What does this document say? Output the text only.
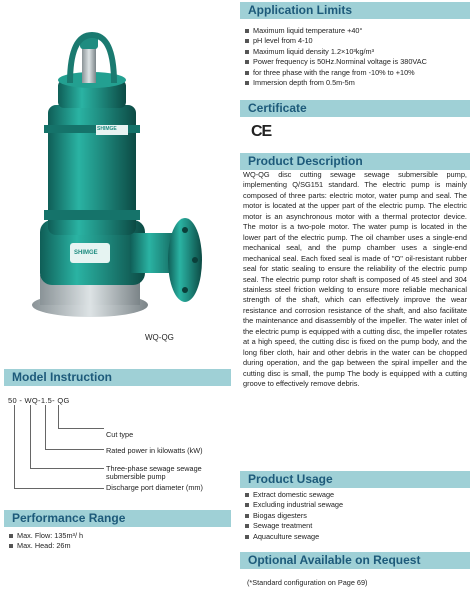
Application Limits
Maximum liquid temperature +40°
pH level from 4-10
Maximum liquid density 1.2×10³kg/m³
Power frequency is 50Hz.Norminal voltage is 380VAC
for three phase with the range from -10% to +10%
Immersion depth from 0.5m-5m
Certificate
CE
Product Description

WQ-QG disc cutting sewage sewage submersible pump, implementing Q/SG151 standard. The electric pump is mainly composed of three parts: electric motor, water pump and seal. The motor is located at the upper part of the electric pump. The electric motor is an asynchronous motor with a thermal protector device. The motor is a two-pole motor. The water pump is located in the lower part of the electric pump. The oil chamber uses a single-end mechanical seal, and the pump chamber uses a single-end mechanical seal. Each fixed seal is made of "O" oil-resistant rubber seal for static sealing to ensure the reliability of the electric pump seal. The electric pump rotor shaft is composed of 45 steel and 304 stainless steel friction welding to ensure more reliable mechanical strength of the shaft, which can effectively improve the wear resistance and corrosion resistance of the shaft, and also facilitate the maintenance and disassembly of the impeller. The water inlet of the electric pump is equipped with a cutting disc, the impeller rotates at a high speed, the cutting disc is fixed on the pump body, and the long fiber cloth, hair and other debris in the water can be chopped during operation, and the gap between the spiral impeller and the cutting disc is small, the pump The body is equipped with a cutting groove to effectively remove debris.

Product Usage
Extract domestic sewage
Excluding industrial sewage
Biogas digesters
Sewage treatment
Aquaculture sewage
Optional Available on Request
(*Standard configuration on Page 69)
SHIMGE
SHIMGE
WQ-QG
Model Instruction
50 - WQ-1.5- QG
Cut type
Rated power in kilowatts (kW)
Three-phase sewage sewage
submersible pump
Discharge port diameter (mm)
Performance Range
Max. Flow: 135m³/ h
Max. Head: 26m
